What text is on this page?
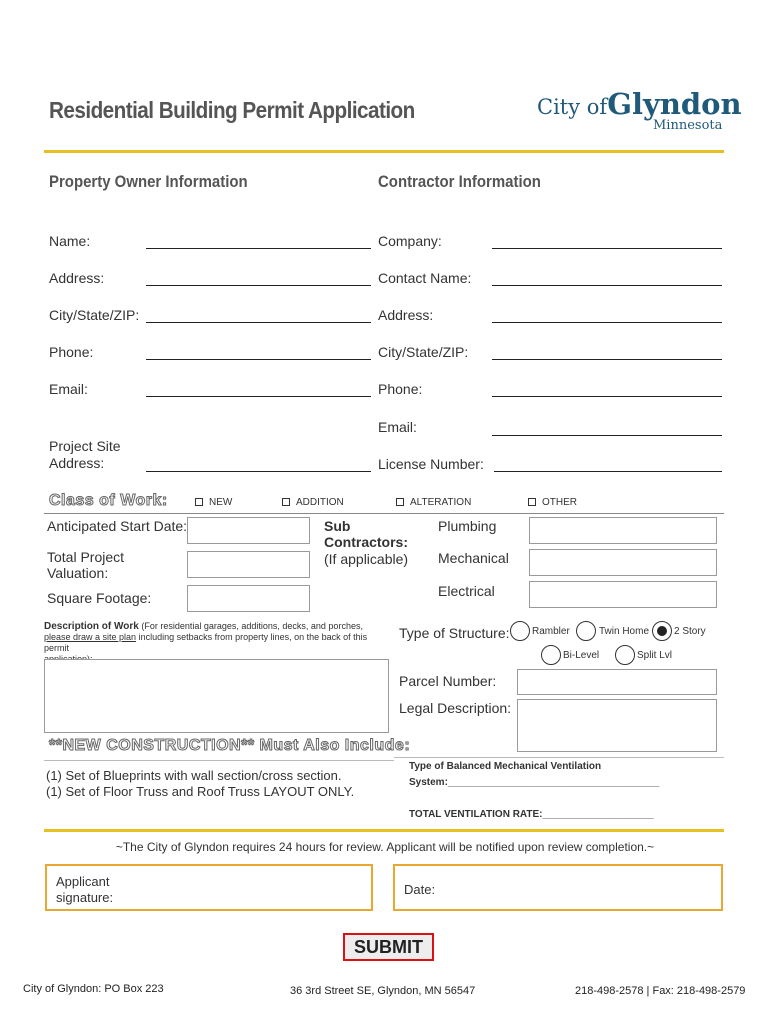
Residential Building Permit Application	City ofGlyndon
Minnesota
Property Owner Information	Contractor Information
Name:
Address:
City/State/ZIP:
Phone:
Email:
Project Site
Address:
Company:
Contact Name:
Address:
City/State/ZIP:
Phone:
Email:
License Number:
Class of Work:	NEW	ADDITION	ALTERATION	OTHER
Anticipated Start Date:
Total Project
Valuation:
Square Footage:
Sub
Contractors:
(If applicable)
Plumbing
Mechanical
Electrical
Description of Work (For residential garages, additions, decks, and porches,
please draw a site plan including setbacks from property lines, on the back of this permit

Type of Structure: Rambler	Twin Home 2 Story
Bi-Level	Split Lvl
Parcel Number:
Legal Description:
**NEW CONSTRUCTION** Must Also Include:
(1) Set of Blueprints with wall section/cross section.
(1) Set of Floor Truss and Roof Truss LAYOUT ONLY.
Type of Balanced Mechanical Ventilation
System:______________________________________
TOTAL VENTILATION RATE:____________________
~The City of Glyndon requires 24 hours for review. Applicant will be notified upon review completion.~
Applicant
signature:
Date:
SUBMIT
City of Glyndon: PO Box 223	36 3rd Street SE, Glyndon, MN 56547	218-498-2578 | Fax: 218-498-2579
